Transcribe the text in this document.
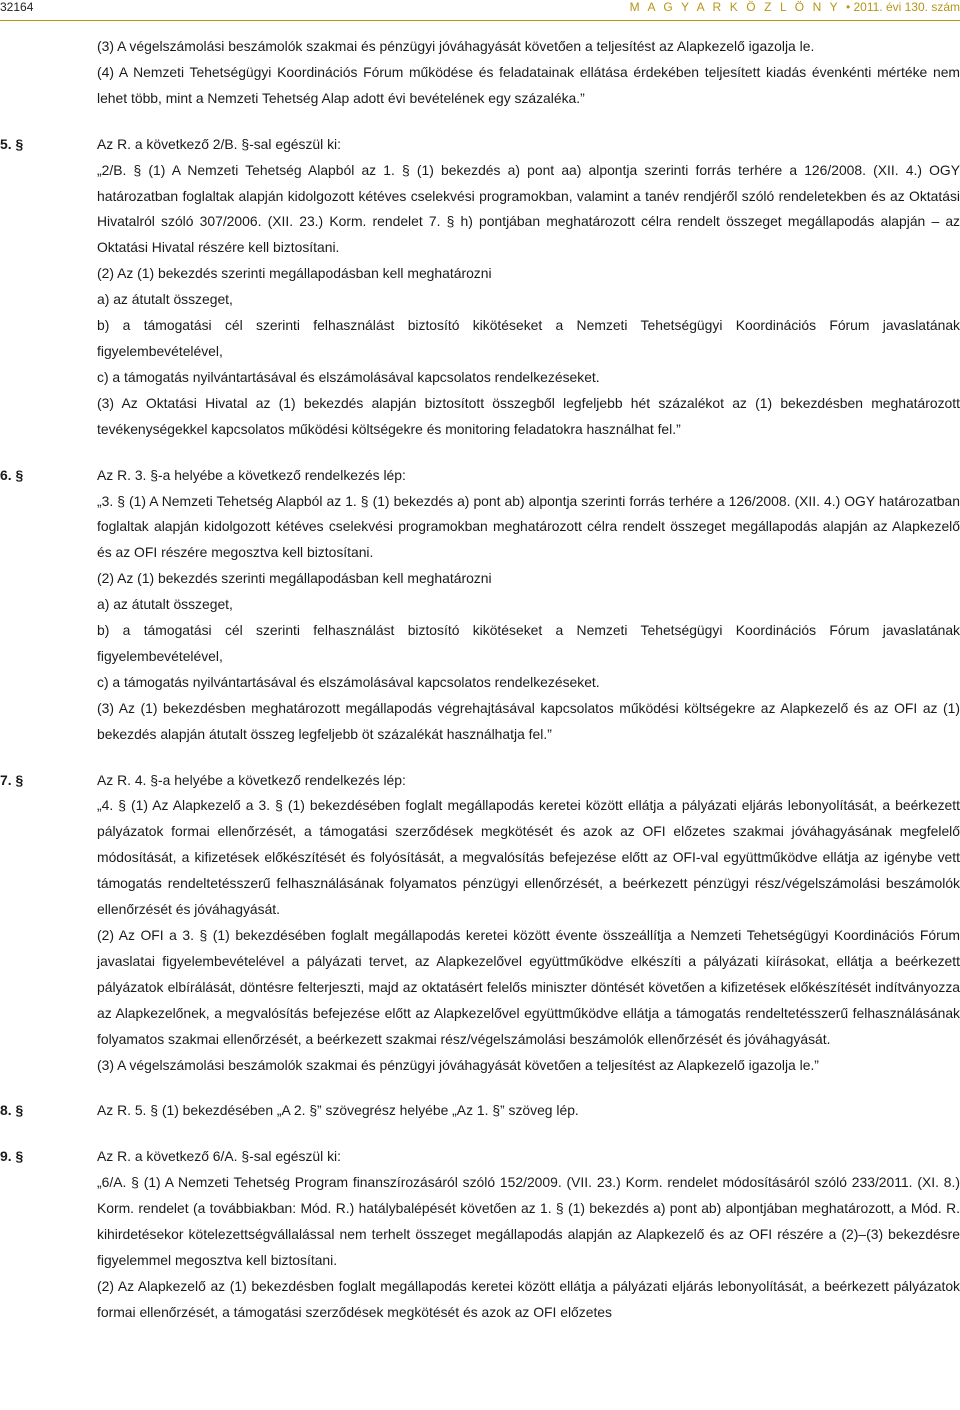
32164	M A G Y A R K Ö Z L Ö N Y • 2011. évi 130. szám

(3) A végelszámolási beszámolók szakmai és pénzügyi jóváhagyását követően a teljesítést az Alapkezelő igazolja le.

(4) A Nemzeti Tehetségügyi Koordinációs Fórum működése és feladatainak ellátása érdekében teljesített kiadás évenkénti mértéke nem lehet több, mint a Nemzeti Tehetség Alap adott évi bevételének egy százaléka.”

5. §	Az R. a következő 2/B. §-sal egészül ki:

„2/B. § (1) A Nemzeti Tehetség Alapból az 1. § (1) bekezdés a) pont aa) alpontja szerinti forrás terhére a 126/2008. (XII. 4.) OGY határozatban foglaltak alapján kidolgozott kétéves cselekvési programokban, valamint a tanév rendjéről szóló rendeletekben és az Oktatási Hivatalról szóló 307/2006. (XII. 23.) Korm. rendelet 7. § h) pontjában meghatározott célra rendelt összeget megállapodás alapján – az Oktatási Hivatal részére kell biztosítani.

(2) Az (1) bekezdés szerinti megállapodásban kell meghatározni

a) az átutalt összeget,

b) a támogatási cél szerinti felhasználást biztosító kikötéseket a Nemzeti Tehetségügyi Koordinációs Fórum javaslatának figyelembevételével,

c) a támogatás nyilvántartásával és elszámolásával kapcsolatos rendelkezéseket.

(3) Az Oktatási Hivatal az (1) bekezdés alapján biztosított összegből legfeljebb hét százalékot az (1) bekezdésben meghatározott tevékenységekkel kapcsolatos működési költségekre és monitoring feladatokra használhat fel.”

6. §	Az R. 3. §-a helyébe a következő rendelkezés lép:

„3. § (1) A Nemzeti Tehetség Alapból az 1. § (1) bekezdés a) pont ab) alpontja szerinti forrás terhére a 126/2008. (XII. 4.) OGY határozatban foglaltak alapján kidolgozott kétéves cselekvési programokban meghatározott célra rendelt összeget megállapodás alapján az Alapkezelő és az OFI részére megosztva kell biztosítani.

(2) Az (1) bekezdés szerinti megállapodásban kell meghatározni

a) az átutalt összeget,

b) a támogatási cél szerinti felhasználást biztosító kikötéseket a Nemzeti Tehetségügyi Koordinációs Fórum javaslatának figyelembevételével,

c) a támogatás nyilvántartásával és elszámolásával kapcsolatos rendelkezéseket.

(3) Az (1) bekezdésben meghatározott megállapodás végrehajtásával kapcsolatos működési költségekre az Alapkezelő és az OFI az (1) bekezdés alapján átutalt összeg legfeljebb öt százalékát használhatja fel.”

7. §	Az R. 4. §-a helyébe a következő rendelkezés lép:

„4. § (1) Az Alapkezelő a 3. § (1) bekezdésében foglalt megállapodás keretei között ellátja a pályázati eljárás lebonyolítását, a beérkezett pályázatok formai ellenőrzését, a támogatási szerződések megkötését és azok az OFI előzetes szakmai jóváhagyásának megfelelő módosítását, a kifizetések előkészítését és folyósítását, a megvalósítás befejezése előtt az OFI-val együttműködve ellátja az igénybe vett támogatás rendeltetésszerű felhasználásának folyamatos pénzügyi ellenőrzését, a beérkezett pénzügyi rész/végelszámolási beszámolók ellenőrzését és jóváhagyását.

(2) Az OFI a 3. § (1) bekezdésében foglalt megállapodás keretei között évente összeállítja a Nemzeti Tehetségügyi Koordinációs Fórum javaslatai figyelembevételével a pályázati tervet, az Alapkezelővel együttműködve elkészíti a pályázati kiírásokat, ellátja a beérkezett pályázatok elbírálását, döntésre felterjeszti, majd az oktatásért felelős miniszter döntését követően a kifizetések előkészítését indítványozza az Alapkezelőnek, a megvalósítás befejezése előtt az Alapkezelővel együttműködve ellátja a támogatás rendeltetésszerű felhasználásának folyamatos szakmai ellenőrzését, a beérkezett szakmai rész/végelszámolási beszámolók ellenőrzését és jóváhagyását.

(3) A végelszámolási beszámolók szakmai és pénzügyi jóváhagyását követően a teljesítést az Alapkezelő igazolja le.”

8. §	Az R. 5. § (1) bekezdésében „A 2. §” szövegrész helyébe „Az 1. §” szöveg lép.

9. §	Az R. a következő 6/A. §-sal egészül ki:

„6/A. § (1) A Nemzeti Tehetség Program finanszírozásáról szóló 152/2009. (VII. 23.) Korm. rendelet módosításáról szóló 233/2011. (XI. 8.) Korm. rendelet (a továbbiakban: Mód. R.) hatálybalépését követően az 1. § (1) bekezdés a) pont ab) alpontjában meghatározott, a Mód. R. kihirdetésekor kötelezettségvállalással nem terhelt összeget megállapodás alapján az Alapkezelő és az OFI részére a (2)–(3) bekezdésre figyelemmel megosztva kell biztosítani.

(2) Az Alapkezelő az (1) bekezdésben foglalt megállapodás keretei között ellátja a pályázati eljárás lebonyolítását, a beérkezett pályázatok formai ellenőrzését, a támogatási szerződések megkötését és azok az OFI előzetes
